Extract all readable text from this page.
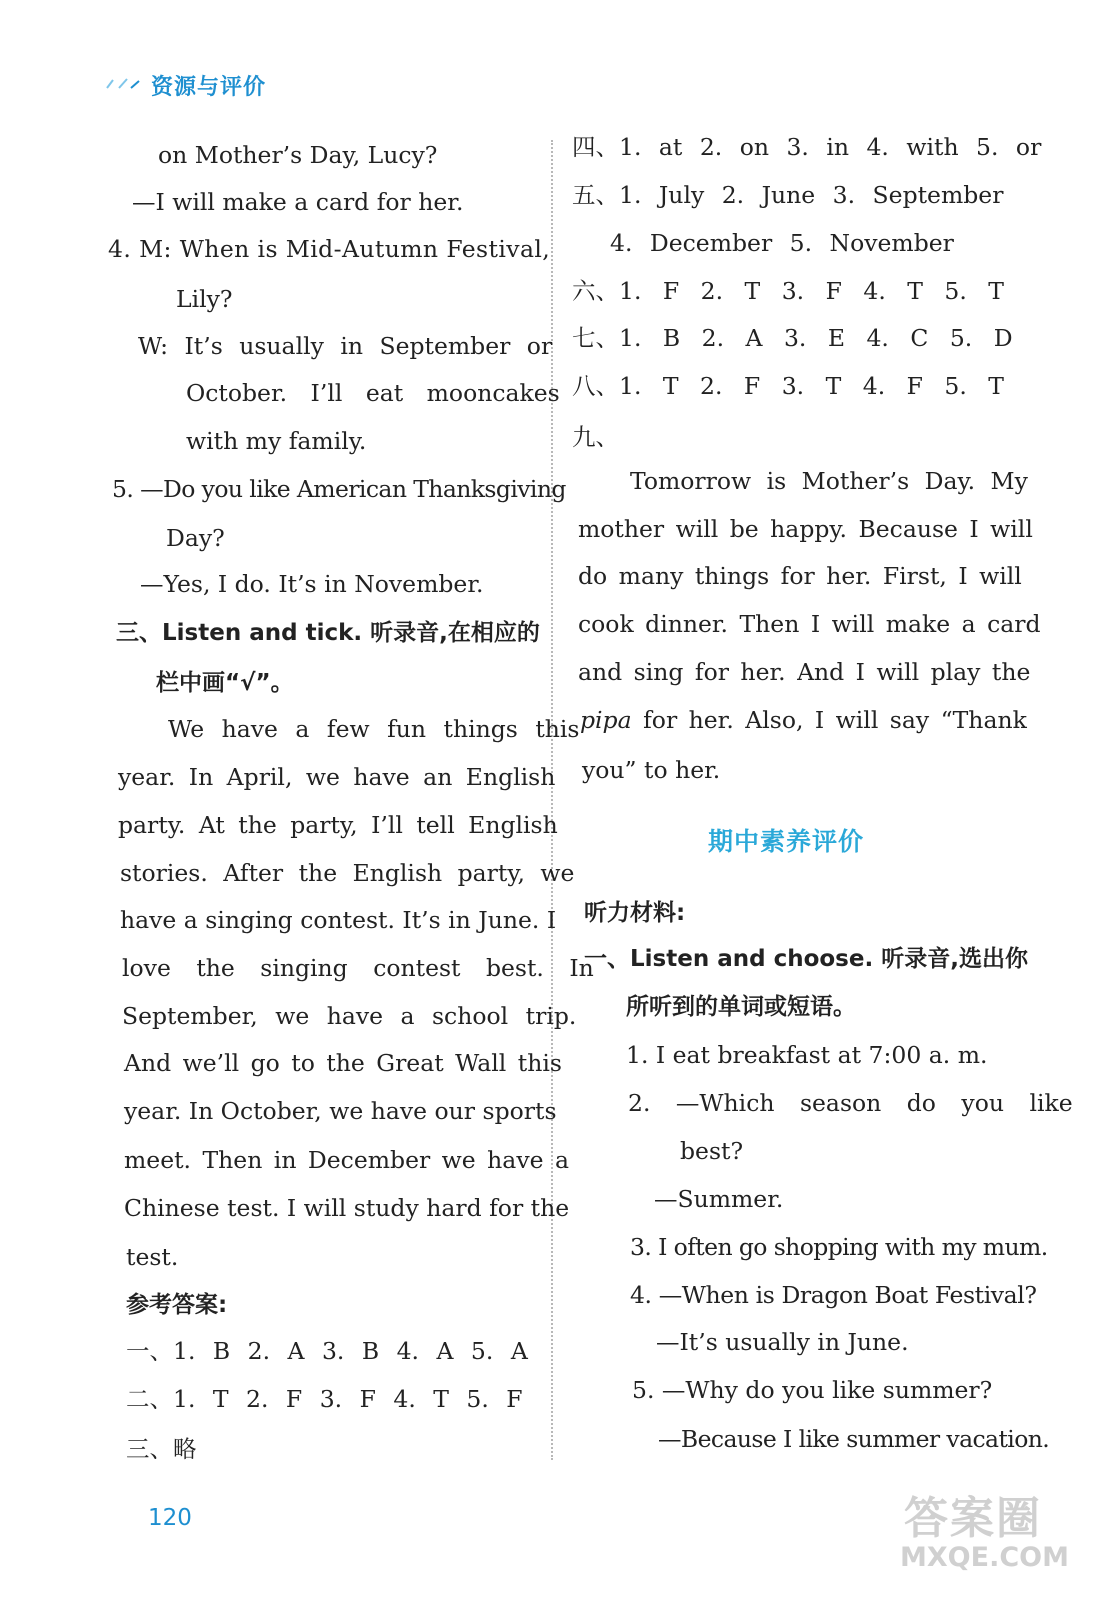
资源与评价
on Mother’s Day, Lucy?
—I will make a card for her.
4. M: When is Mid-Autumn Festival,
Lily?
W: It’s usually in September or
October. I’ll eat mooncakes
with my family.
5. —Do you like American Thanksgiving
Day?
—Yes, I do. It’s in November.
三、Listen and tick. 听录音,在相应的
栏中画“√”。
We have a few fun things this
year. In April, we have an English
party. At the party, I’ll tell English
stories. After the English party, we
have a singing contest. It’s in June. I
love the singing contest best. In
September, we have a school trip.
And we’ll go to the Great Wall this
year. In October, we have our sports
meet. Then in December we have a
Chinese test. I will study hard for the
test.
参考答案:
一、1. B 2. A 3. B 4. A 5. A
二、1. T 2. F 3. F 4. T 5. F
三、略
四、1. at 2. on 3. in 4. with 5. or
五、1. July 2. June 3. September
4. December 5. November
六、1. F 2. T 3. F 4. T 5. T
七、1. B 2. A 3. E 4. C 5. D
八、1. T 2. F 3. T 4. F 5. T
九、
Tomorrow is Mother’s Day. My
mother will be happy. Because I will
do many things for her. First, I will
cook dinner. Then I will make a card
and sing for her. And I will play the
pipa for her. Also, I will say “Thank
you” to her.
期中素养评价
听力材料:
一、Listen and choose. 听录音,选出你
所听到的单词或短语。
1. I eat breakfast at 7:00 a. m.
2. —Which season do you like
best?
—Summer.
3. I often go shopping with my mum.
4. —When is Dragon Boat Festival?
—It’s usually in June.
5. —Why do you like summer?
—Because I like summer vacation.
120	答案圈
MXQE.COM
